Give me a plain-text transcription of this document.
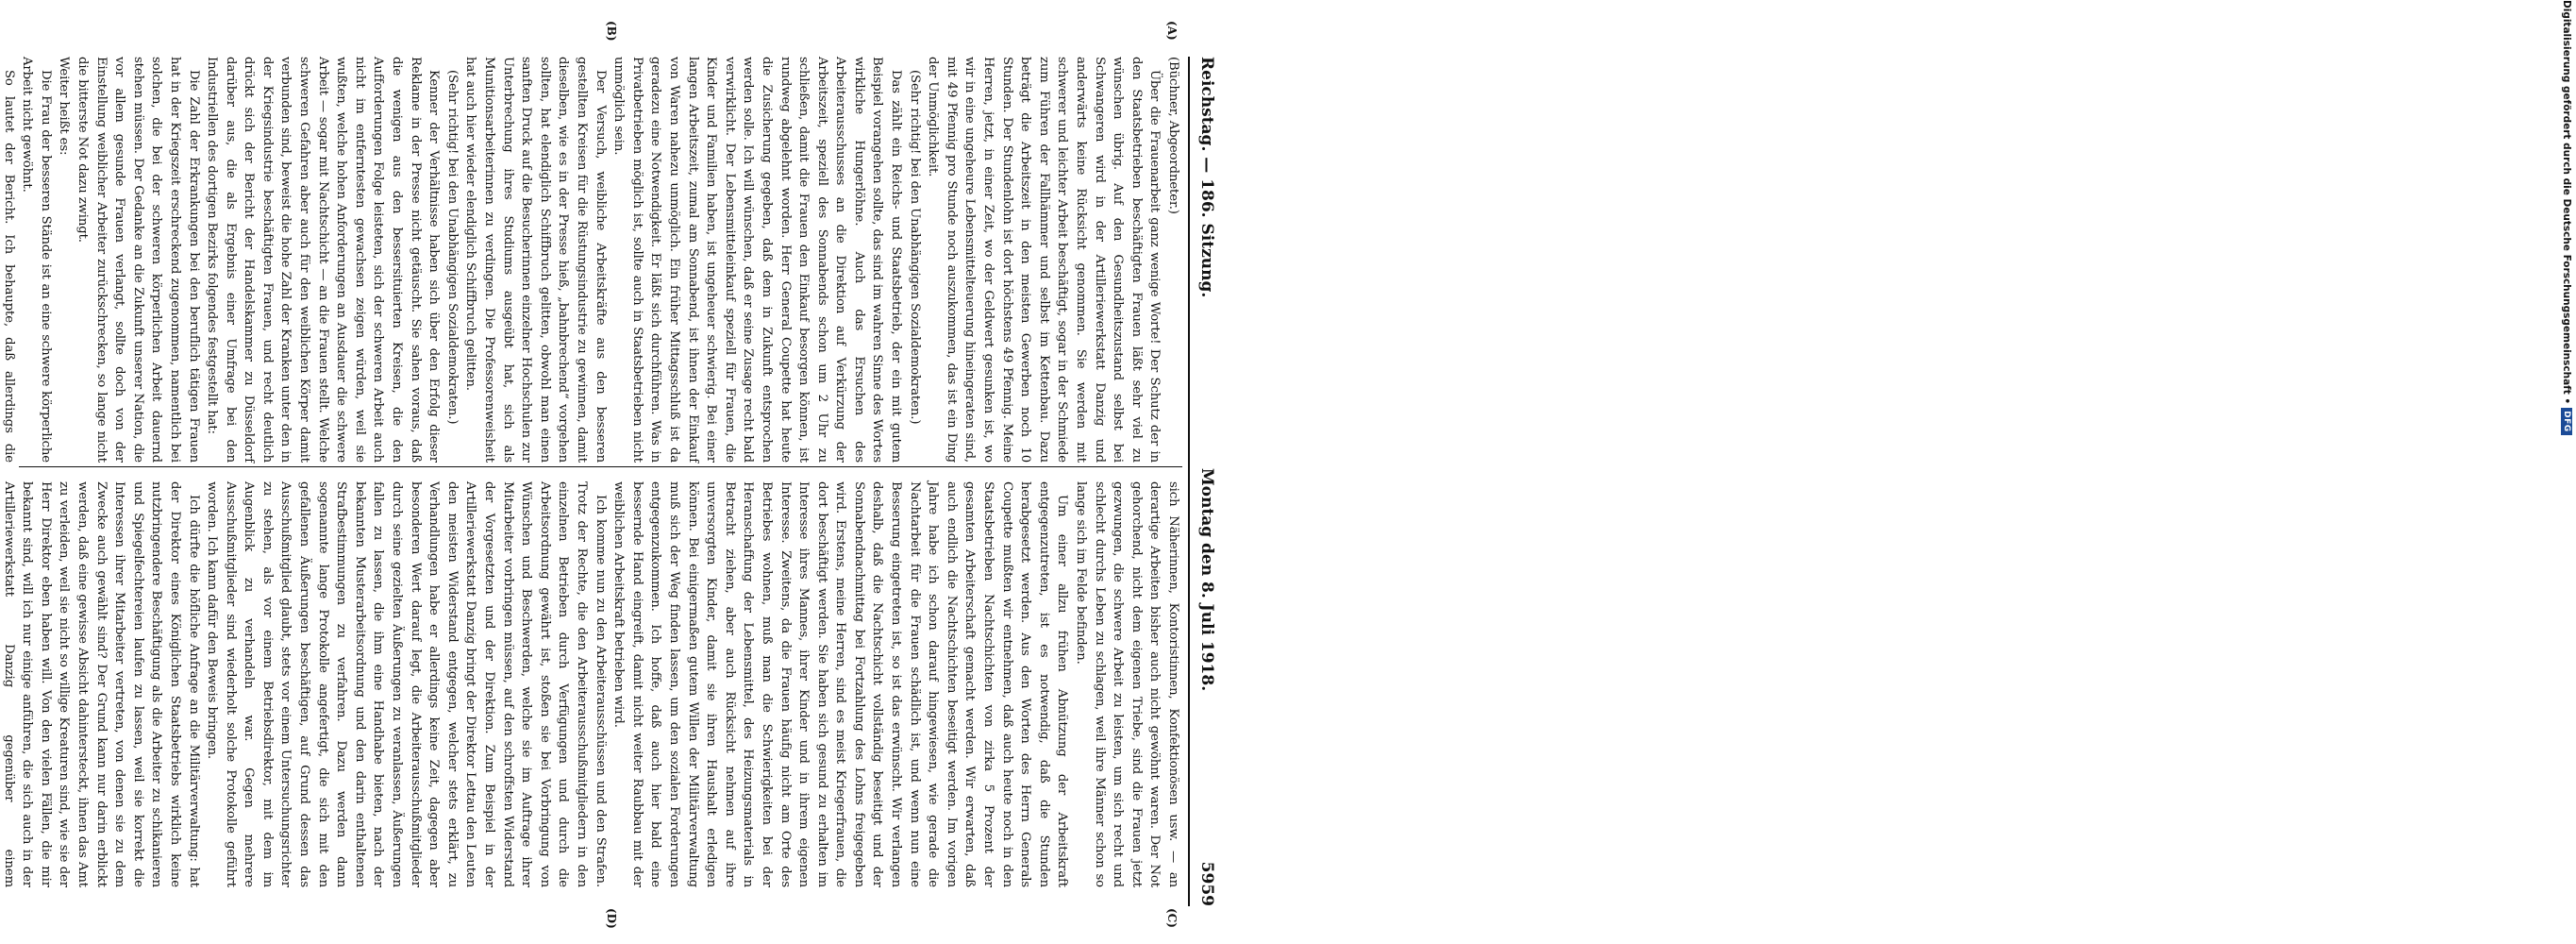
Reichstag. — 186. Sitzung.
Montag den 8. Juli 1918.
5959
(A)
(B)
(C)
(D)

(Büchner, Abgeordneter.)

Über die Frauenarbeit ganz wenige Worte! Der Schutz der in den Staatsbetrieben beschäftigten Frauen läßt sehr viel zu wünschen übrig. Auf den Gesundheitszustand selbst bei Schwangeren wird in der Artilleriewerkstatt Danzig und anderwärts keine Rücksicht genommen. Sie werden mit schwerer und leichter Arbeit beschäftigt, sogar in der Schmiede zum Führen der Fallhämmer und selbst im Kettenbau. Dazu beträgt die Arbeitszeit in den meisten Gewerben noch 10 Stunden. Der Stundenlohn ist dort höchstens 49 Pfennig. Meine Herren, jetzt, in einer Zeit, wo der Geldwert gesunken ist, wo wir in eine ungeheure Lebensmittelteuerung hineingeraten sind, mit 49 Pfennig pro Stunde noch auszukommen, das ist ein Ding der Unmöglichkeit.

(Sehr richtig! bei den Unabhängigen Sozialdemokraten.)

Das zählt ein Reichs- und Staatsbetrieb, der ein mit gutem Beispiel vorangehen sollte, das sind im wahren Sinne des Wortes wirkliche Hungerlöhne. Auch das Ersuchen des Arbeiterausschusses an die Direktion auf Verkürzung der Arbeitszeit, speziell des Sonnabends schon um 2 Uhr zu schließen, damit die Frauen den Einkauf besorgen können, ist rundweg abgelehnt worden. Herr General Coupette hat heute die Zusicherung gegeben, daß dem in Zukunft entsprochen werden solle. Ich will wünschen, daß er seine Zusage recht bald verwirklicht. Der Lebensmitteleinkauf speziell für Frauen, die Kinder und Familien haben, ist ungeheuer schwierig. Bei einer langen Arbeitszeit, zumal am Sonnabend, ist ihnen der Einkauf von Waren nahezu unmöglich. Ein früher Mittagsschluß ist da geradezu eine Notwendigkeit. Er läßt sich durchführen. Was in Privatbetrieben möglich ist, sollte auch in Staatsbetrieben nicht unmöglich sein.

Der Versuch, weibliche Arbeitskräfte aus den besseren gestellten Kreisen für die Rüstungsindustrie zu gewinnen, damit dieselben, wie es in der Presse hieß, „bahnbrechend“ vorgehen sollten, hat elendiglich Schiffbruch gelitten, obwohl man einen sanften Druck auf die Besucherinnen einzelner Hochschulen zur Unterbrechung ihres Studiums ausgeübt hat, sich als Munitionsarbeiterinnen zu verdingen. Die Professorenweisheit hat auch hier wieder elendiglich Schiffbruch gelitten.

(Sehr richtig! bei den Unabhängigen Sozialdemokraten.)

Kenner der Verhältnisse haben sich über den Erfolg dieser Reklame in der Presse nicht getäuscht. Sie sahen voraus, daß die wenigen aus den bessersituierten Kreisen, die den Aufforderungen Folge leisteten, sich der schweren Arbeit auch nicht im entferntesten gewachsen zeigen würden, weil sie wußten, welche hohen Anforderungen an Ausdauer die schwere Arbeit — sogar mit Nachtschicht — an die Frauen stellt. Welche schweren Gefahren aber auch für den weiblichen Körper damit verbunden sind, beweist die hohe Zahl der Kranken unter den in der Kriegsindustrie beschäftigten Frauen, und recht deutlich drückt sich der Bericht der Handelskammer zu Düsseldorf darüber aus, die als Ergebnis einer Umfrage bei den Industriellen des dortigen Bezirks folgendes festgestellt hat:

Die Zahl der Erkrankungen bei den beruflich tätigen Frauen hat in der Kriegszeit erschreckend zugenommen, namentlich bei solchen, die bei der schweren körperlichen Arbeit dauernd stehen müssen. Der Gedanke an die Zukunft unserer Nation, die vor allem gesunde Frauen verlangt, sollte doch von der Einstellung weiblicher Arbeiter zurückschrecken, so lange nicht die bitterste Not dazu zwingt.

Weiter heißt es:

Die Frau der besseren Stände ist an eine schwere körperliche Arbeit nicht gewöhnt.

So lautet der Bericht. Ich behaupte, daß allerdings die

sich Näherinnen, Kontoristinnen, Konfektionösen usw. — an derartige Arbeiten bisher auch nicht gewöhnt waren. Der Not gehorchend, nicht dem eigenen Triebe, sind die Frauen jetzt gezwungen, die schwere Arbeit zu leisten, um sich recht und schlecht durchs Leben zu schlagen, weil ihre Männer schon so lange sich im Felde befinden.

Um einer allzu frühen Abnützung der Arbeitskraft entgegenzutreten, ist es notwendig, daß die Stunden herabgesetzt werden. Aus den Worten des Herrn Generals Coupette mußten wir entnehmen, daß auch heute noch in den Staatsbetrieben Nachtschichten von zirka 5 Prozent der gesamten Arbeiterschaft gemacht werden. Wir erwarten, daß auch endlich die Nachtschichten beseitigt werden. Im vorigen Jahre habe ich schon darauf hingewiesen, wie gerade die Nachtarbeit für die Frauen schädlich ist, und wenn nun eine Besserung eingetreten ist, so ist das erwünscht. Wir verlangen deshalb, daß die Nachtschicht vollständig beseitigt und der Sonnabendnachmittag bei Fortzahlung des Lohns freigegeben wird. Erstens, meine Herren, sind es meist Kriegerfrauen, die dort beschäftigt werden. Sie haben sich gesund zu erhalten im Interesse ihres Mannes, ihrer Kinder und in ihrem eigenen Interesse. Zweitens, da die Frauen häufig nicht am Orte des Betriebes wohnen, muß man die Schwierigkeiten bei der Heranschaffung der Lebensmittel, des Heizungsmaterials in Betracht ziehen, aber auch Rücksicht nehmen auf ihre unversorgten Kinder, damit sie ihren Haushalt erledigen können. Bei einigermaßen gutem Willen der Militärverwaltung muß sich der Weg finden lassen, um den sozialen Forderungen entgegenzukommen. Ich hoffe, daß auch hier bald eine bessernde Hand eingreift, damit nicht weiter Raubbau mit der weiblichen Arbeitskraft betrieben wird.

Ich komme nun zu den Arbeiterausschüssen und den Strafen. Trotz der Rechte, die den Arbeiterausschußmitgliedern in den einzelnen Betrieben durch Verfügungen und durch die Arbeitsordnung gewährt ist, stoßen sie bei Vorbringung von Wünschen und Beschwerden, welche sie im Auftrage ihrer Mitarbeiter vorbringen müssen, auf den schroffsten Widerstand der Vorgesetzten und der Direktion. Zum Beispiel in der Artilleriewerkstatt Danzig bringt der Direktor Lettau den Leuten den meisten Widerstand entgegen, welcher stets erklärt, zu Verhandlungen habe er allerdings keine Zeit, dagegen aber besonderen Wert darauf legt, die Arbeiterausschußmitglieder durch seine gezielten Äußerungen zu veranlassen, Äußerungen fallen zu lassen, die ihm eine Handhabe bieten, nach der bekannten Musterarbeitsordnung und den darin enthaltenen Strafbestimmungen zu verfahren. Dazu werden dann sogenannte lange Protokolle angefertigt, die sich mit den gefallenen Äußerungen beschäftigen, auf Grund dessen das Ausschußmitglied glaubt, stets vor einem Untersuchungsrichter zu stehen, als vor einem Betriebsdirektor, mit dem im Augenblick zu verhandeln war. Gegen mehrere Ausschußmitglieder sind wiederholt solche Protokolle geführt worden. Ich kann dafür den Beweis bringen.

Ich dürfte die höfliche Anfrage an die Militärverwaltung: hat der Direktor eines Königlichen Staatsbetriebs wirklich keine nutzbringendere Beschäftigung als die Arbeiter zu schikanieren und Spiegelfechtereien laufen zu lassen, weil sie korrekt die Interessen ihrer Mitarbeiter vertreten, von denen sie zu dem Zwecke auch gewählt sind? Der Grund kann nur darin erblickt werden, daß eine gewisse Absicht dahintersteckt, ihnen das Amt zu verleiden, weil sie nicht so willige Kreaturen sind, wie sie der Herr Direktor eben haben will. Von den vielen Fällen, die mir bekannt sind, will ich nur einige anführen, die sich auch in der Artilleriewerkstatt Danzig gegenüber einem

Digitalisierung gefördert durch die Deutsche Forschungsgemeinschaft •
DFG
